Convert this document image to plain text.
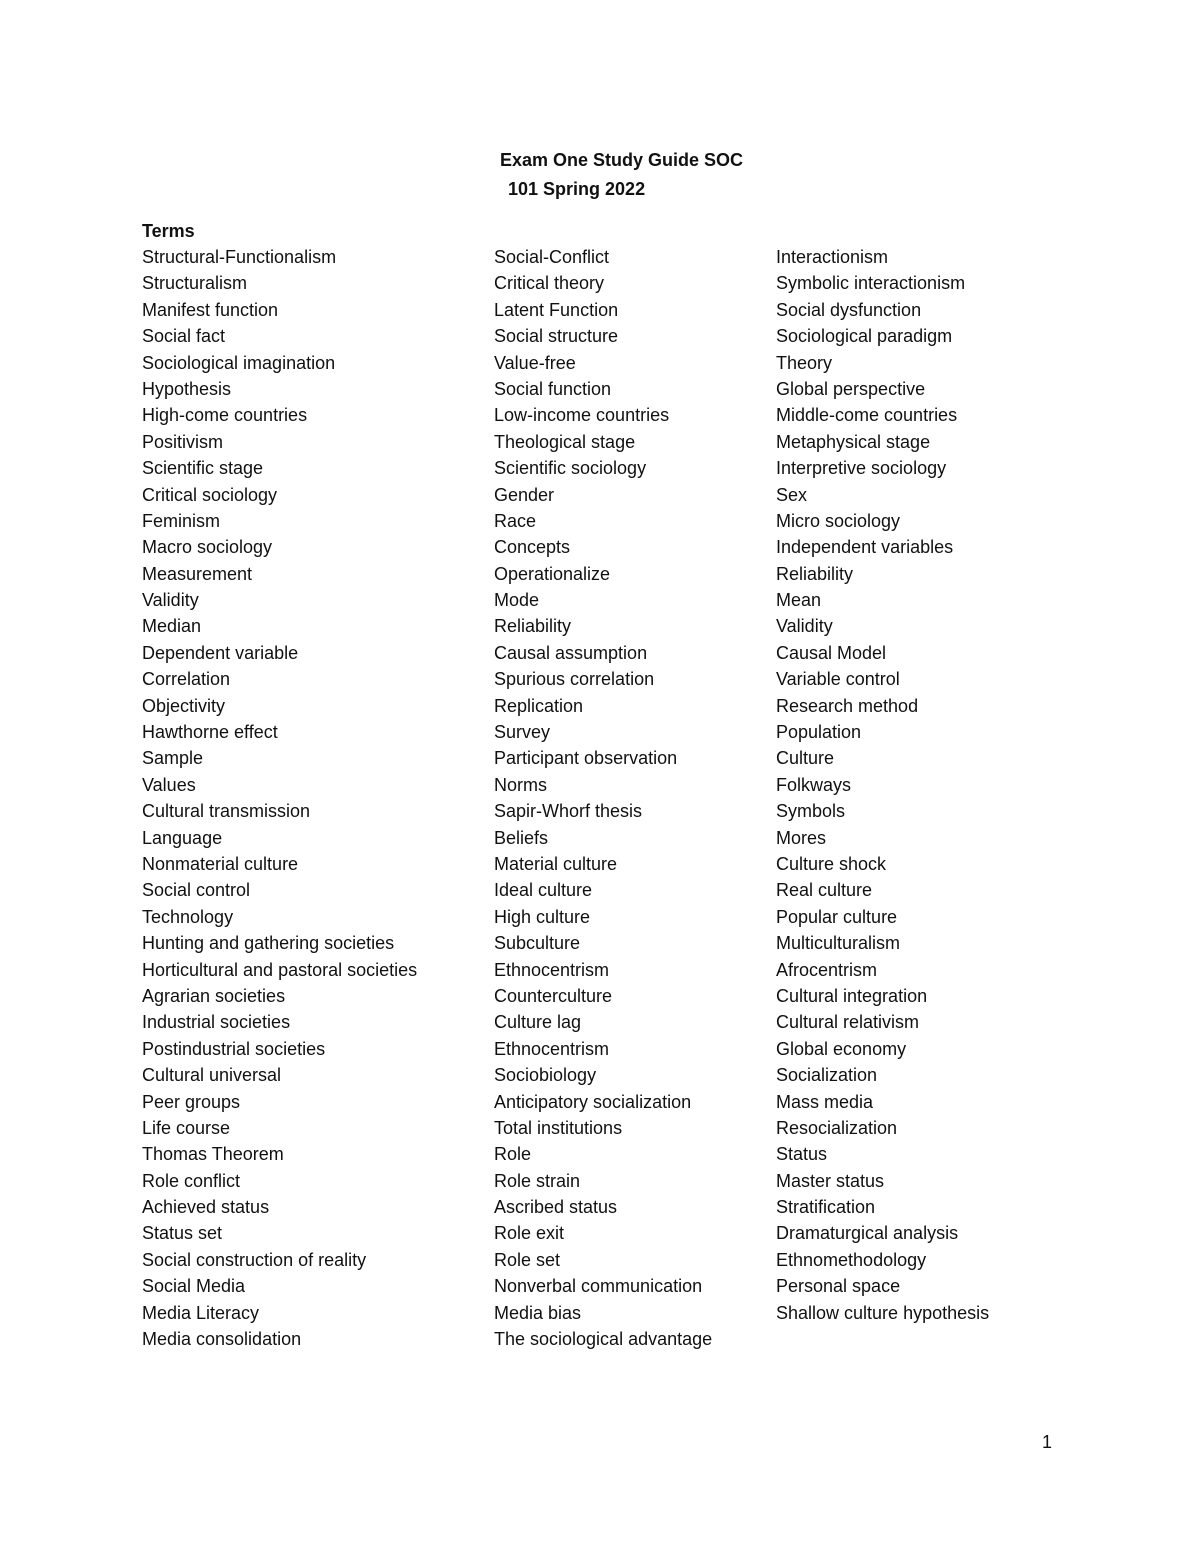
Exam One Study Guide SOC
101 Spring 2022
Terms
Structural-Functionalism	Social-Conflict	Interactionism
Structuralism	Critical theory	Symbolic interactionism
Manifest function	Latent Function	Social dysfunction
Social fact	Social structure	Sociological paradigm
Sociological imagination	Value-free	Theory
Hypothesis	Social function	Global perspective
High-come countries	Low-income countries	Middle-come countries
Positivism	Theological stage	Metaphysical stage
Scientific stage	Scientific sociology	Interpretive sociology
Critical sociology	Gender	Sex
Feminism	Race	Micro sociology
Macro sociology	Concepts	Independent variables
Measurement	Operationalize	Reliability
Validity	Mode	Mean
Median	Reliability	Validity
Dependent variable	Causal assumption	Causal Model
Correlation	Spurious correlation	Variable control
Objectivity	Replication	Research method
Hawthorne effect	Survey	Population
Sample	Participant observation	Culture
Values	Norms	Folkways
Cultural transmission	Sapir-Whorf thesis	Symbols
Language	Beliefs	Mores
Nonmaterial culture	Material culture	Culture shock
Social control	Ideal culture	Real culture
Technology	High culture	Popular culture
Hunting and gathering societies	Subculture	Multiculturalism
Horticultural and pastoral societies	Ethnocentrism	Afrocentrism
Agrarian societies	Counterculture	Cultural integration
Industrial societies	Culture lag	Cultural relativism
Postindustrial societies	Ethnocentrism	Global economy
Cultural universal	Sociobiology	Socialization
Peer groups	Anticipatory socialization	Mass media
Life course	Total institutions	Resocialization
Thomas Theorem	Role	Status
Role conflict	Role strain	Master status
Achieved status	Ascribed status	Stratification
Status set	Role exit	Dramaturgical analysis
Social construction of reality	Role set	Ethnomethodology
Social Media	Nonverbal communication	Personal space
Media Literacy	Media bias	Shallow culture hypothesis
Media consolidation	The sociological advantage
1
